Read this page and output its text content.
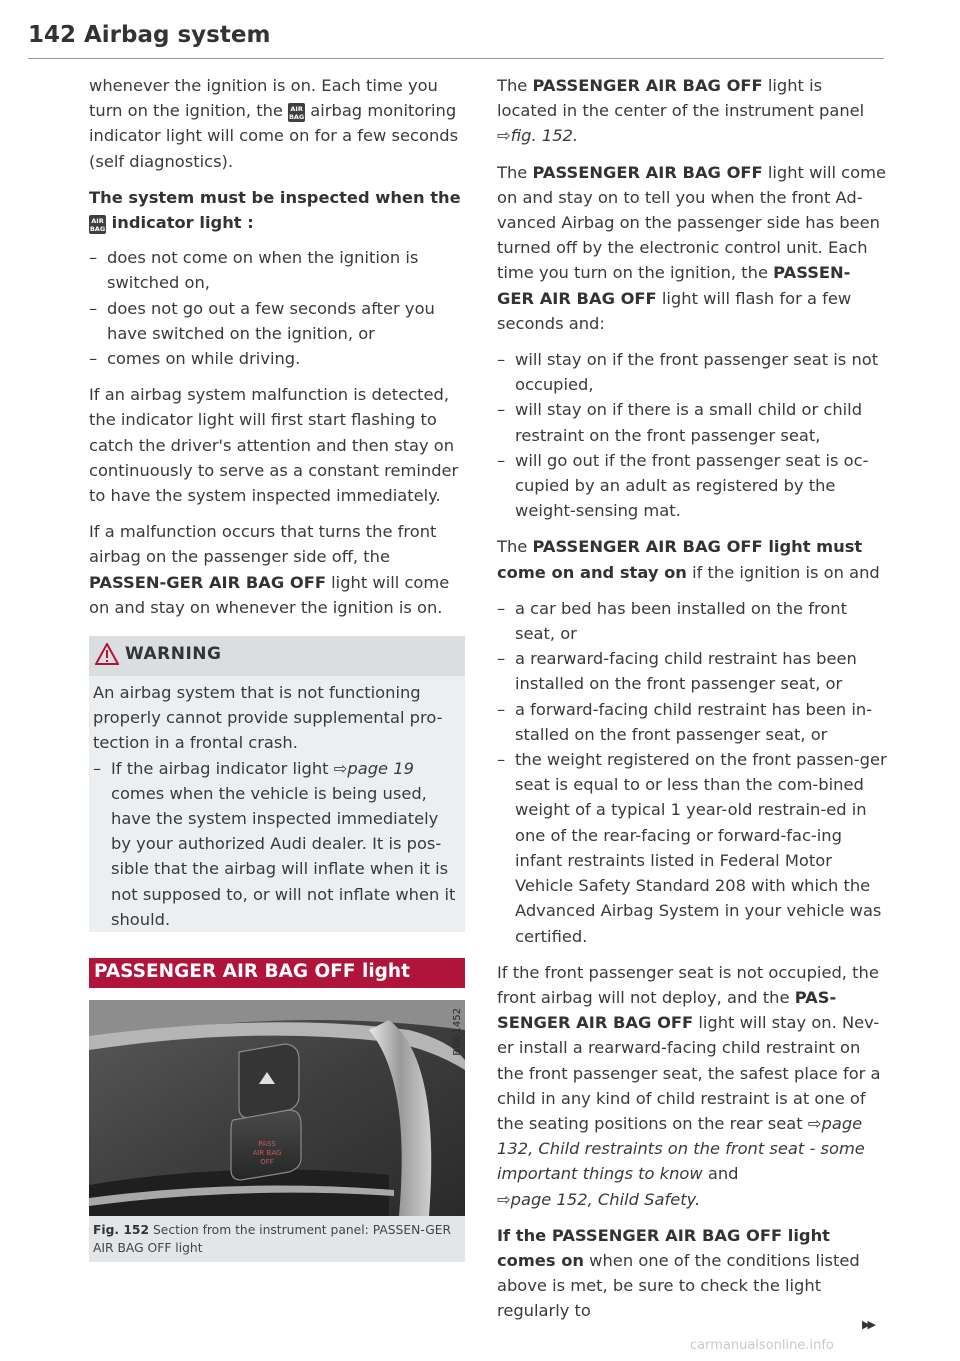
142 Airbag system

whenever the ignition is on. Each time you turn on the ignition, the AIR BAG airbag monitoring indicator light will come on for a few seconds (self diagnostics).

The system must be inspected when the
AIR BAG indicator light :
– does not come on when the ignition is switched on,
– does not go out a few seconds after you have switched on the ignition, or
– comes on while driving.

If an airbag system malfunction is detected, the indicator light will first start flashing to catch the driver's attention and then stay on continuously to serve as a constant reminder to have the system inspected immediately.

If a malfunction occurs that turns the front airbag on the passenger side off, the PASSEN-GER AIR BAG OFF light will come on and stay on whenever the ignition is on.

WARNING

An airbag system that is not functioning properly cannot provide supplemental pro-tection in a frontal crash.

– If the airbag indicator light ⇨page 19 comes when the vehicle is being used, have the system inspected immediately by your authorized Audi dealer. It is pos-sible that the airbag will inflate when it is not supposed to, or will not inflate when it should.
PASSENGER AIR BAG OFF light
PASS
AIR BAG
OFF
B8K-1452
Fig. 152 Section from the instrument panel: PASSEN-GER AIR BAG OFF light

The PASSENGER AIR BAG OFF light is located in the center of the instrument panel
⇨fig. 152.

The PASSENGER AIR BAG OFF light will come on and stay on to tell you when the front Ad-vanced Airbag on the passenger side has been turned off by the electronic control unit. Each time you turn on the ignition, the PASSEN-GER AIR BAG OFF light will flash for a few seconds and:

– will stay on if the front passenger seat is not occupied,
– will stay on if there is a small child or child restraint on the front passenger seat,
– will go out if the front passenger seat is oc-cupied by an adult as registered by the weight-sensing mat.

The PASSENGER AIR BAG OFF light must come on and stay on if the ignition is on and

– a car bed has been installed on the front seat, or
– a rearward-facing child restraint has been installed on the front passenger seat, or
– a forward-facing child restraint has been in-stalled on the front passenger seat, or
– the weight registered on the front passen-ger seat is equal to or less than the com-bined weight of a typical 1 year-old restrain-ed in one of the rear-facing or forward-fac-ing infant restraints listed in Federal Motor Vehicle Safety Standard 208 with which the Advanced Airbag System in your vehicle was certified.

If the front passenger seat is not occupied, the front airbag will not deploy, and the PAS-SENGER AIR BAG OFF light will stay on. Nev-er install a rearward-facing child restraint on the front passenger seat, the safest place for a child in any kind of child restraint is at one of the seating positions on the rear seat ⇨page 132, Child restraints on the front seat - some important things to know and
⇨page 152, Child Safety.

If the PASSENGER AIR BAG OFF light comes on when one of the conditions listed above is met, be sure to check the light regularly to

▶▶
carmanualsonline.info
